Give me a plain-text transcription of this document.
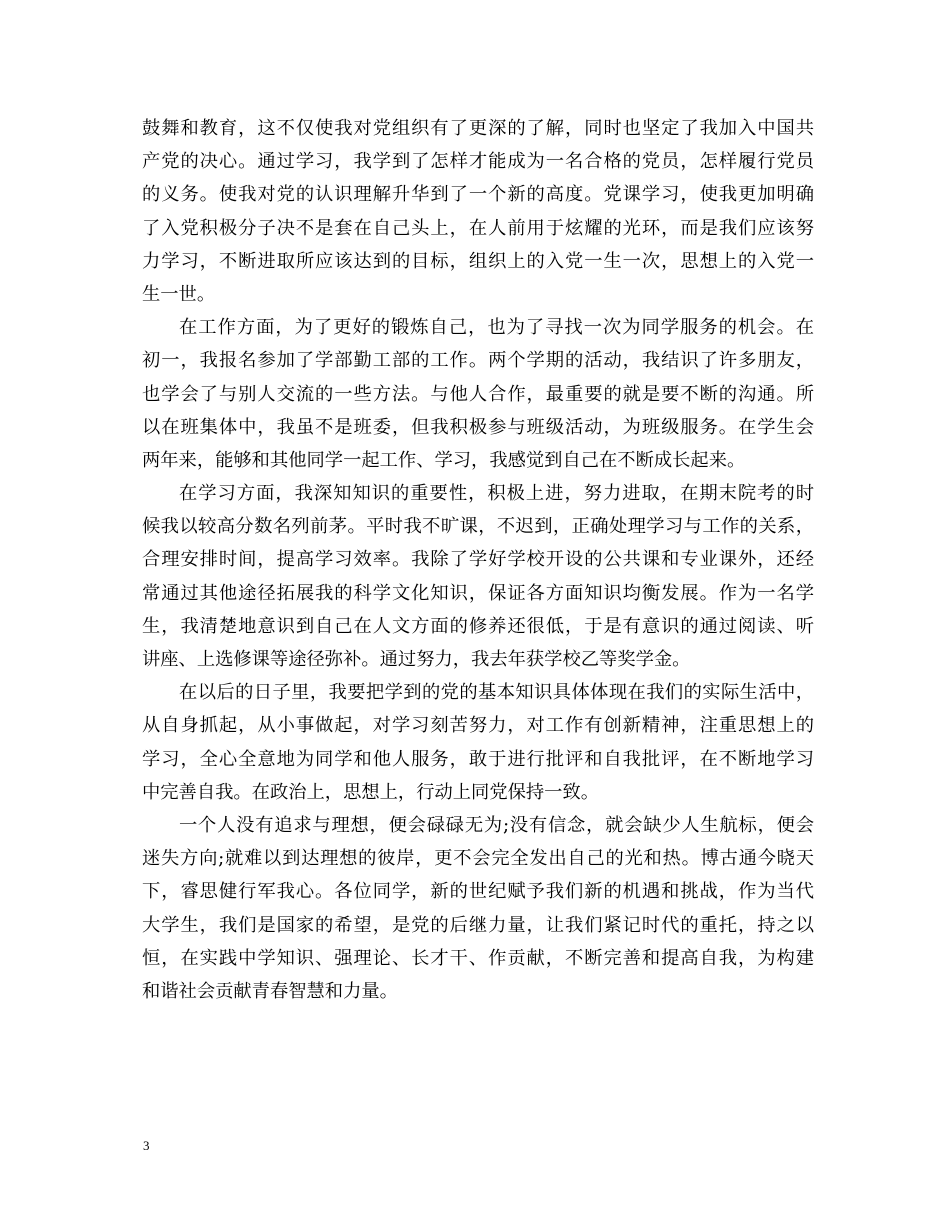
鼓舞和教育，这不仅使我对党组织有了更深的了解，同时也坚定了我加入中国共
产党的决心。通过学习，我学到了怎样才能成为一名合格的党员，怎样履行党员
的义务。使我对党的认识理解升华到了一个新的高度。党课学习，使我更加明确
了入党积极分子决不是套在自己头上，在人前用于炫耀的光环，而是我们应该努
力学习，不断进取所应该达到的目标，组织上的入党一生一次，思想上的入党一
生一世。
在工作方面，为了更好的锻炼自己，也为了寻找一次为同学服务的机会。在
初一，我报名参加了学部勤工部的工作。两个学期的活动，我结识了许多朋友，
也学会了与别人交流的一些方法。与他人合作，最重要的就是要不断的沟通。所
以在班集体中，我虽不是班委，但我积极参与班级活动，为班级服务。在学生会
两年来，能够和其他同学一起工作、学习，我感觉到自己在不断成长起来。
在学习方面，我深知知识的重要性，积极上进，努力进取，在期末院考的时
候我以较高分数名列前茅。平时我不旷课，不迟到，正确处理学习与工作的关系，
合理安排时间，提高学习效率。我除了学好学校开设的公共课和专业课外，还经
常通过其他途径拓展我的科学文化知识，保证各方面知识均衡发展。作为一名学
生，我清楚地意识到自己在人文方面的修养还很低，于是有意识的通过阅读、听
讲座、上选修课等途径弥补。通过努力，我去年获学校乙等奖学金。
在以后的日子里，我要把学到的党的基本知识具体体现在我们的实际生活中，
从自身抓起，从小事做起，对学习刻苦努力，对工作有创新精神，注重思想上的
学习，全心全意地为同学和他人服务，敢于进行批评和自我批评，在不断地学习
中完善自我。在政治上，思想上，行动上同党保持一致。
一个人没有追求与理想，便会碌碌无为;没有信念，就会缺少人生航标，便会
迷失方向;就难以到达理想的彼岸，更不会完全发出自己的光和热。博古通今晓天
下，睿思健行军我心。各位同学，新的世纪赋予我们新的机遇和挑战，作为当代
大学生，我们是国家的希望，是党的后继力量，让我们紧记时代的重托，持之以
恒，在实践中学知识、强理论、长才干、作贡献，不断完善和提高自我，为构建
和谐社会贡献青春智慧和力量。
3
